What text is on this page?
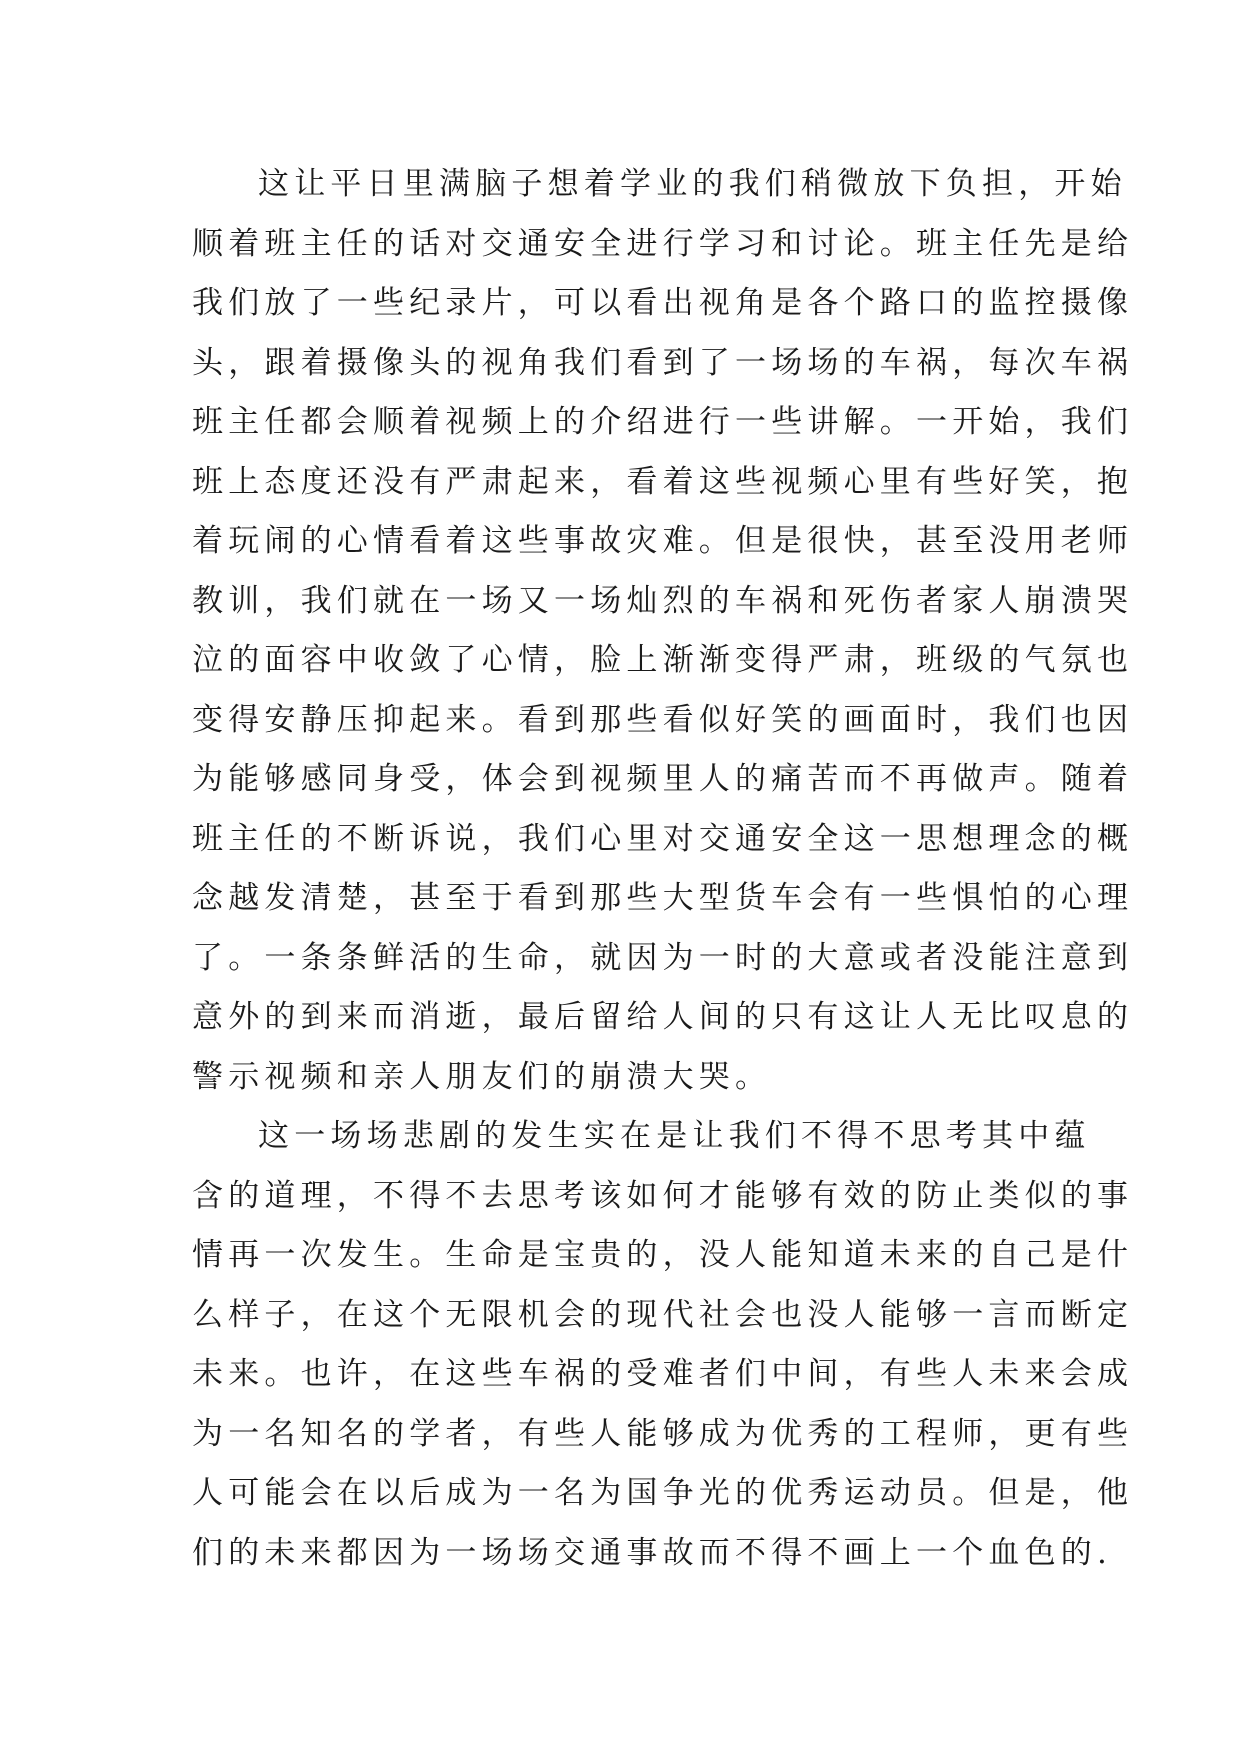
这让平日里满脑子想着学业的我们稍微放下负担，开始
顺着班主任的话对交通安全进行学习和讨论。班主任先是给
我们放了一些纪录片，可以看出视角是各个路口的监控摄像
头，跟着摄像头的视角我们看到了一场场的车祸，每次车祸
班主任都会顺着视频上的介绍进行一些讲解。一开始，我们
班上态度还没有严肃起来，看着这些视频心里有些好笑，抱
着玩闹的心情看着这些事故灾难。但是很快，甚至没用老师
教训，我们就在一场又一场灿烈的车祸和死伤者家人崩溃哭
泣的面容中收敛了心情，脸上渐渐变得严肃，班级的气氛也
变得安静压抑起来。看到那些看似好笑的画面时，我们也因
为能够感同身受，体会到视频里人的痛苦而不再做声。随着
班主任的不断诉说，我们心里对交通安全这一思想理念的概
念越发清楚，甚至于看到那些大型货车会有一些惧怕的心理
了。一条条鲜活的生命，就因为一时的大意或者没能注意到
意外的到来而消逝，最后留给人间的只有这让人无比叹息的
警示视频和亲人朋友们的崩溃大哭。
这一场场悲剧的发生实在是让我们不得不思考其中蕴
含的道理，不得不去思考该如何才能够有效的防止类似的事
情再一次发生。生命是宝贵的，没人能知道未来的自己是什
么样子，在这个无限机会的现代社会也没人能够一言而断定
未来。也许，在这些车祸的受难者们中间，有些人未来会成
为一名知名的学者，有些人能够成为优秀的工程师，更有些
人可能会在以后成为一名为国争光的优秀运动员。但是，他
们的未来都因为一场场交通事故而不得不画上一个血色的.
